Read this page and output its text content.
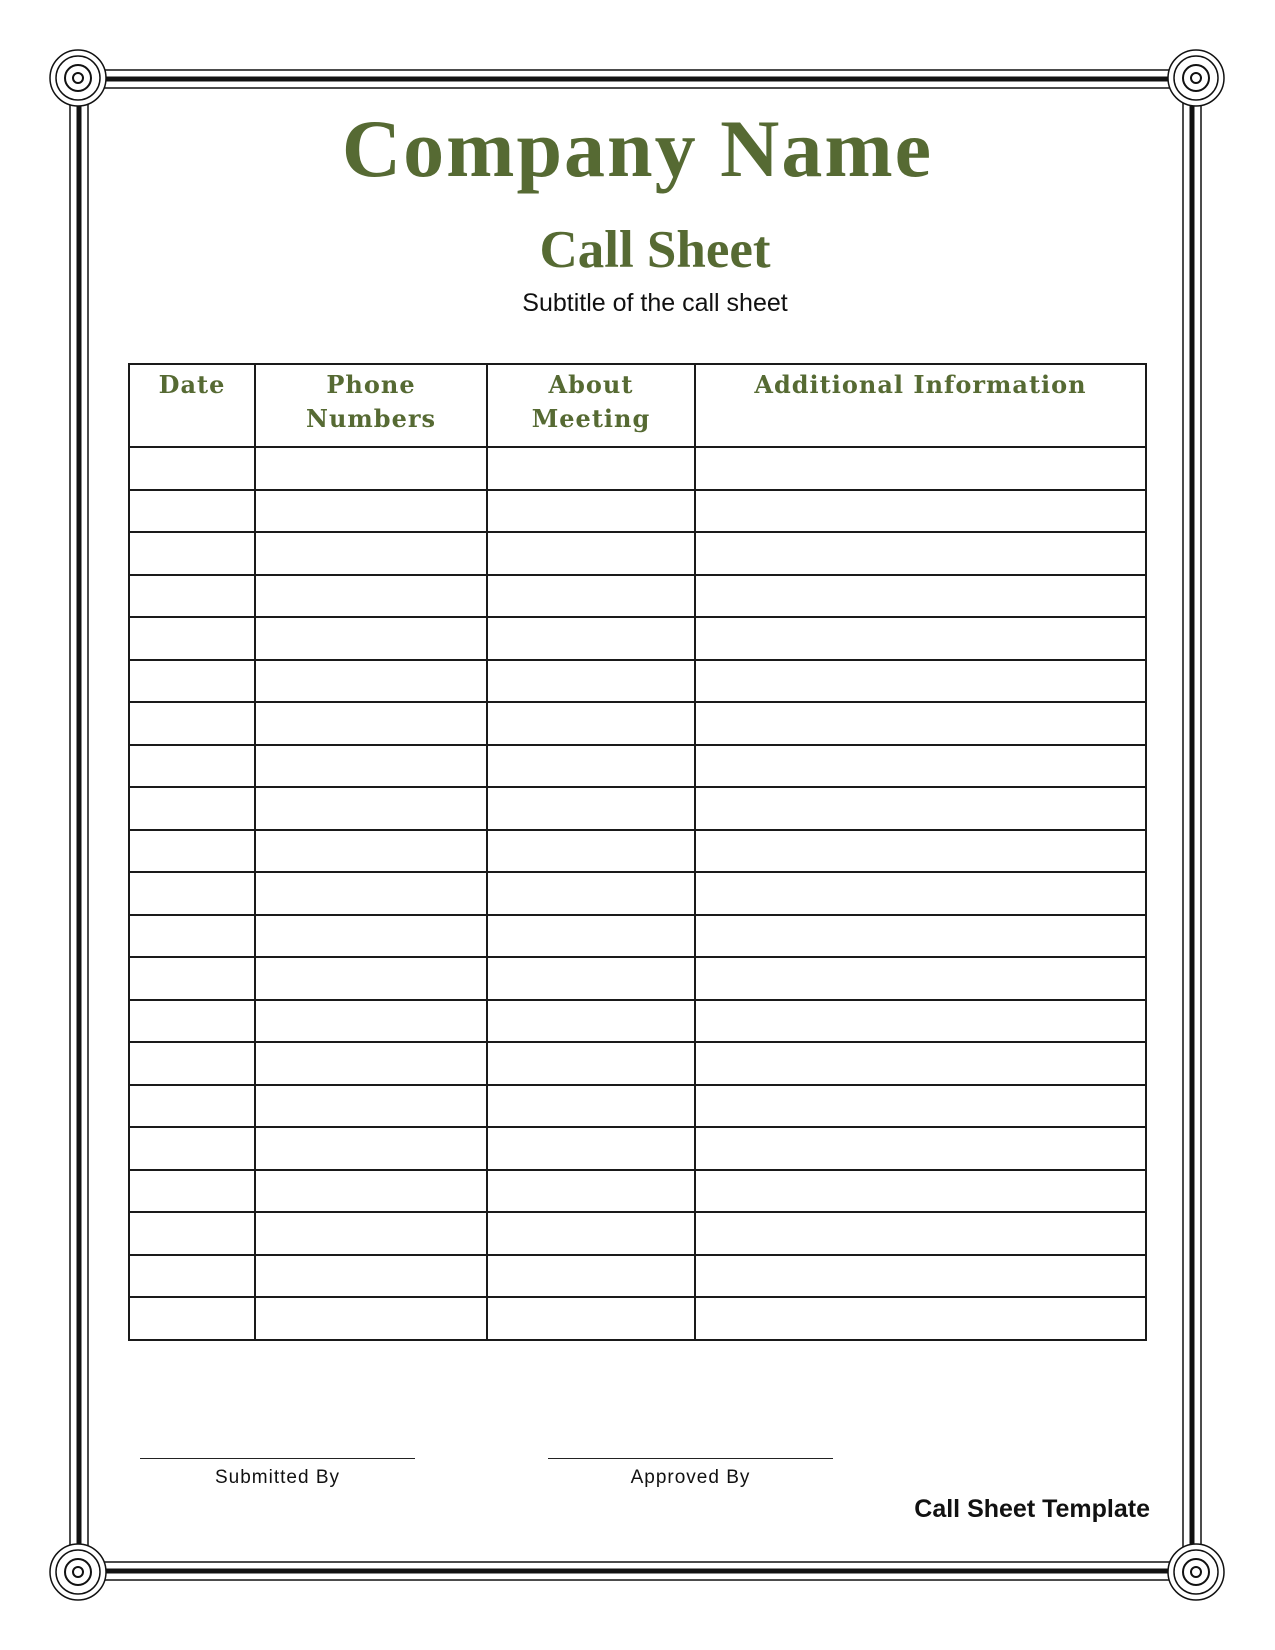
Company Name
Call Sheet
Subtitle of the call sheet
Date	Phone Numbers	About Meeting	Additional Information

Submitted By	Approved By
Call Sheet Template
